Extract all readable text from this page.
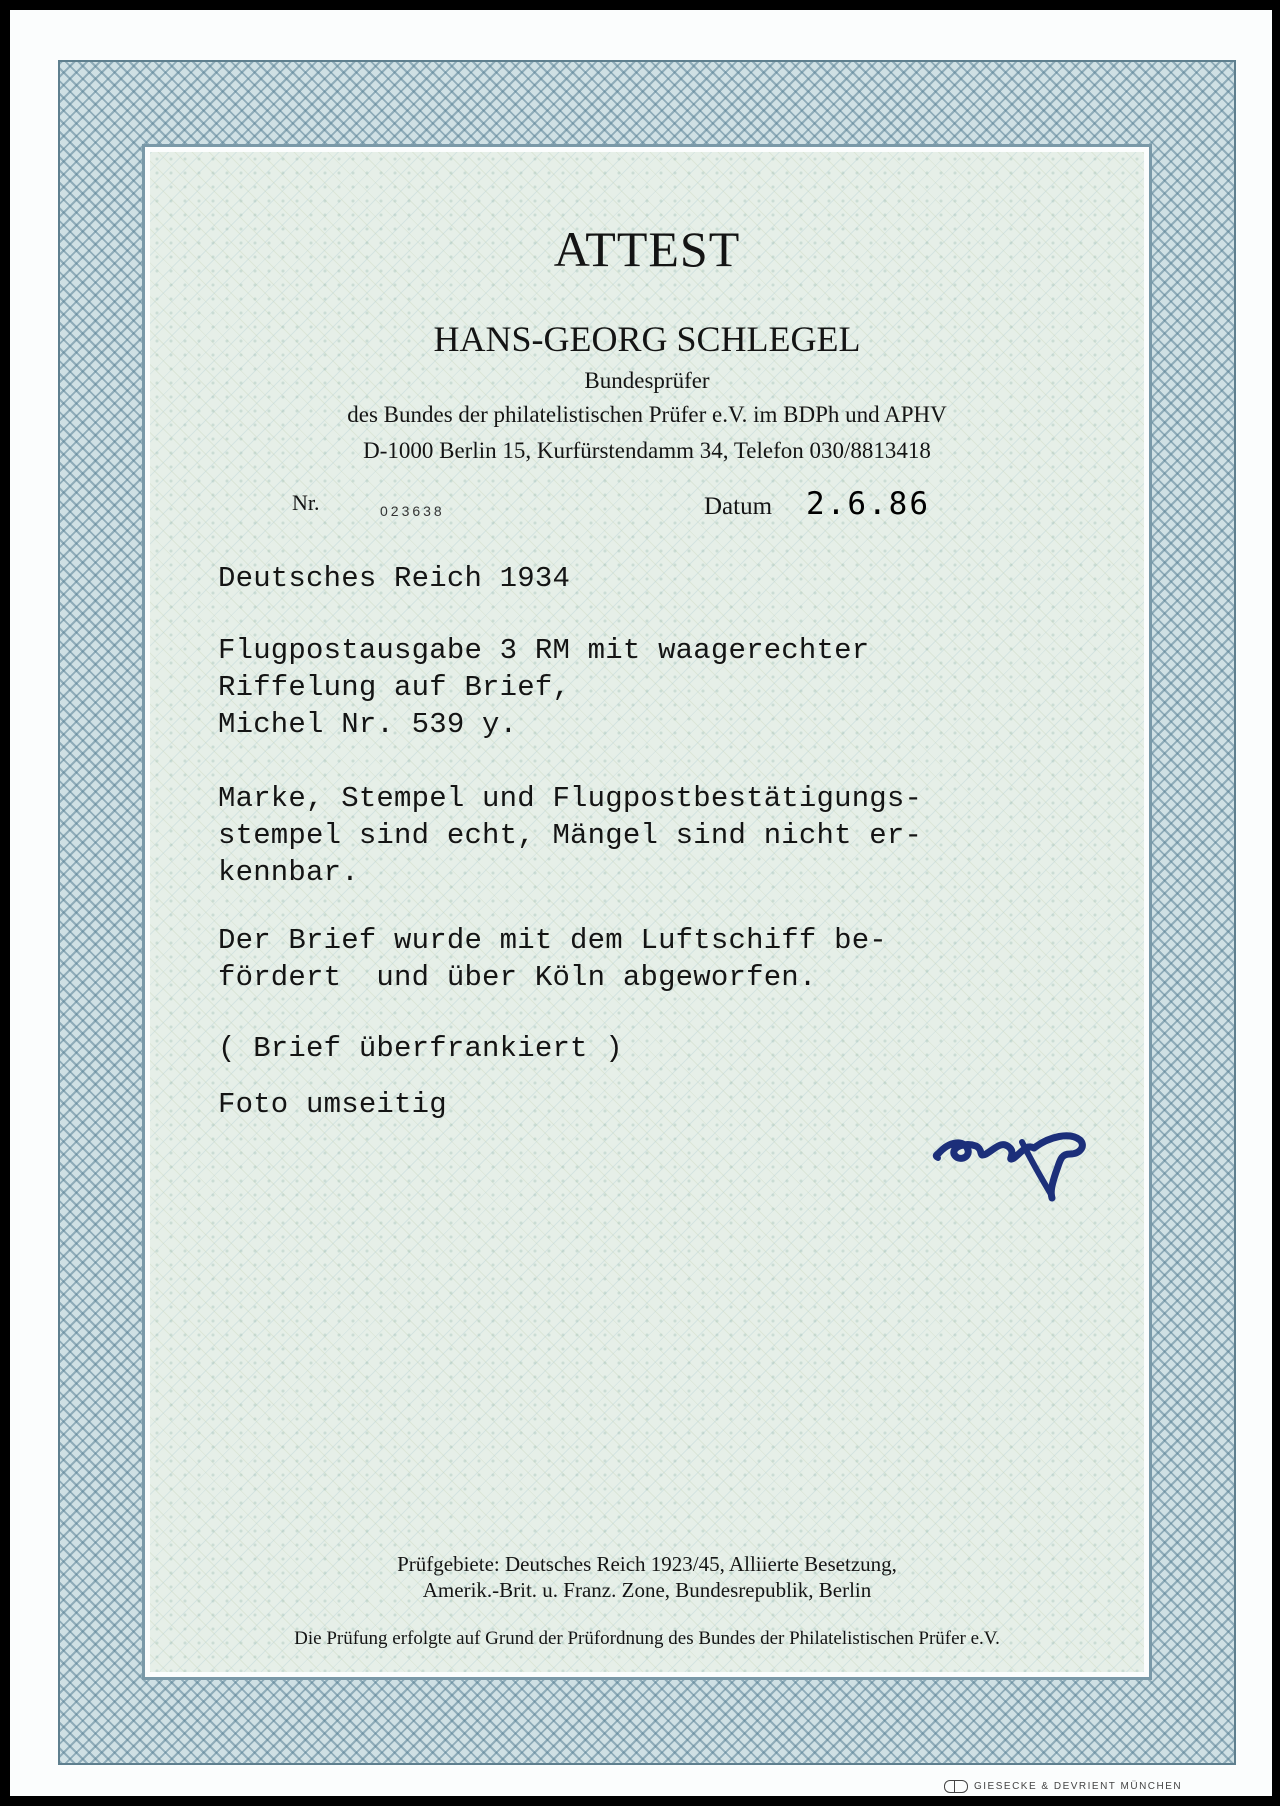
ATTEST
HANS-GEORG SCHLEGEL
Bundesprüfer
des Bundes der philatelistischen Prüfer e.V. im BDPh und APHV
D-1000 Berlin 15, Kurfürstendamm 34, Telefon 030/8813418
Nr.	023638	Datum 2.6.86
Deutsches Reich 1934
Flugpostausgabe 3 RM mit waagerechter
Riffelung auf Brief,
Michel Nr. 539 y.
Marke, Stempel und Flugpostbestätigungs-
stempel sind echt, Mängel sind nicht er-
kennbar.
Der Brief wurde mit dem Luftschiff be-
fördert  und über Köln abgeworfen.
( Brief überfrankiert )
Foto umseitig
Prüfgebiete: Deutsches Reich 1923/45, Alliierte Besetzung,
Amerik.-Brit. u. Franz. Zone, Bundesrepublik, Berlin
Die Prüfung erfolgte auf Grund der Prüfordnung des Bundes der Philatelistischen Prüfer e.V.
GIESECKE & DEVRIENT MÜNCHEN
